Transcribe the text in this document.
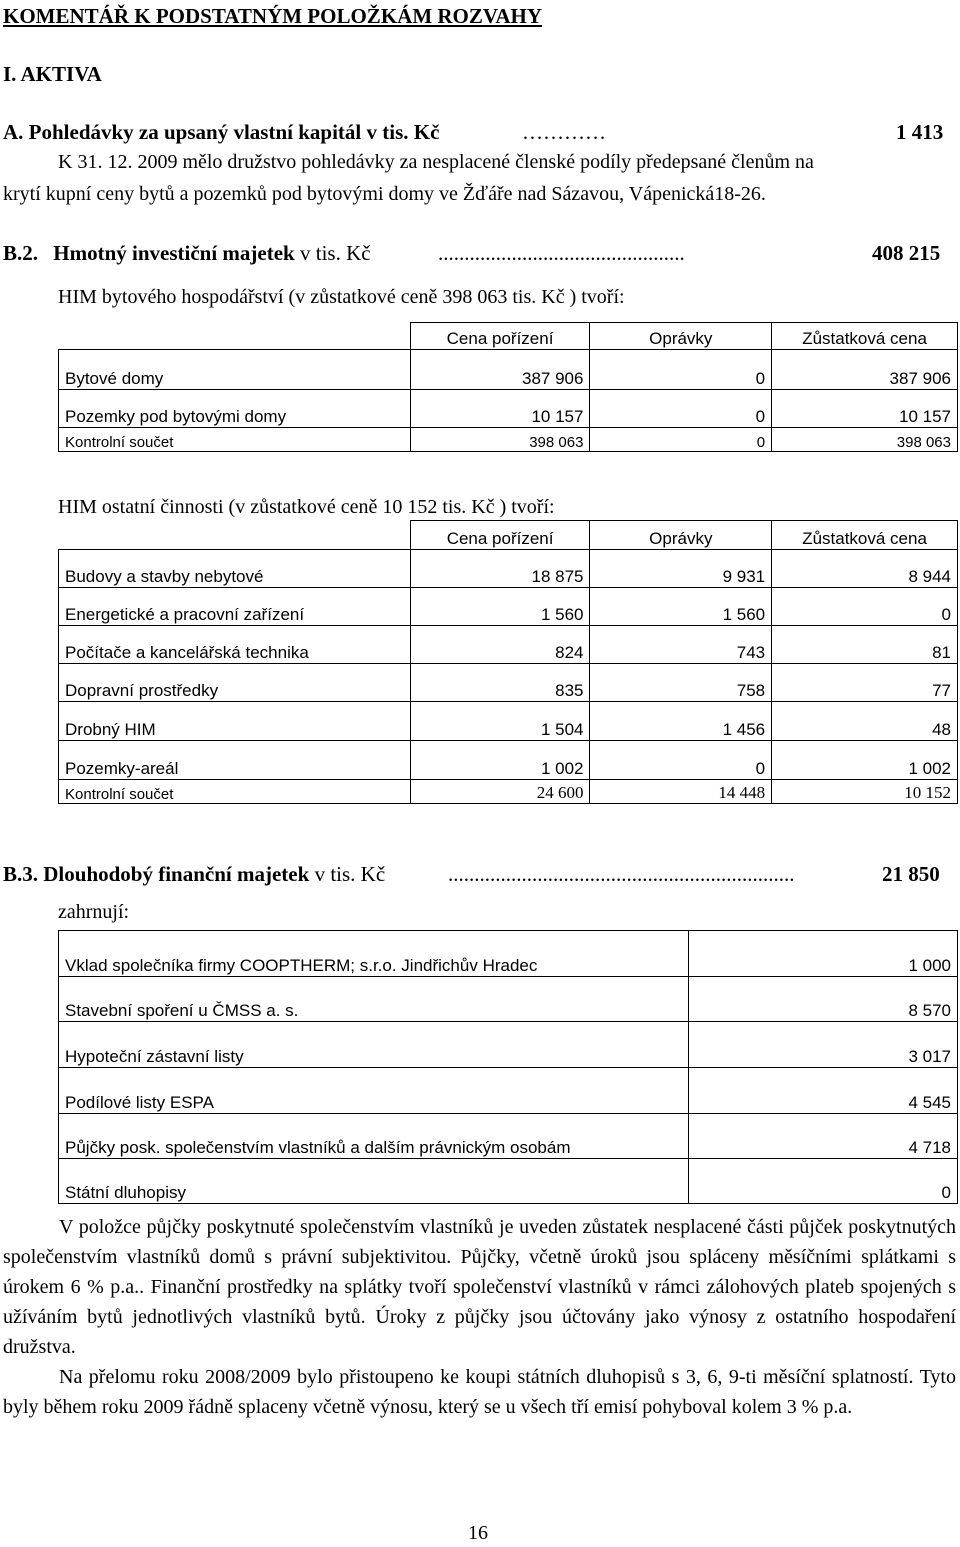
KOMENTÁŘ K PODSTATNÝM POLOŽKÁM ROZVAHY
I. AKTIVA
A. Pohledávky za upsaný vlastní kapitál v tis. Kč	…………	1 413
K 31. 12. 2009 mělo družstvo pohledávky za nesplacené členské podíly předepsané členům na
krytí kupní ceny bytů a pozemků pod bytovými domy ve Žďáře nad Sázavou, Vápenická18-26.
B.2. Hmotný investiční majetek v tis. Kč	...............................................	408 215
HIM bytového hospodářství (v zůstatkové ceně 398 063 tis. Kč ) tvoří:
	Cena pořízení	Oprávky	Zůstatková cena
Bytové domy	387 906	0	387 906
Pozemky pod bytovými domy	10 157	0	10 157
Kontrolní součet	398 063	0	398 063
HIM ostatní činnosti (v zůstatkové ceně 10 152 tis. Kč ) tvoří:
	Cena pořízení	Oprávky	Zůstatková cena
Budovy a stavby nebytové	18 875	9 931	8 944
Energetické a pracovní zařízení	1 560	1 560	0
Počítače a kancelářská technika	824	743	81
Dopravní prostředky	835	758	77
Drobný HIM	1 504	1 456	48
Pozemky-areál	1 002	0	1 002
Kontrolní součet	24 600	14 448	10 152
B.3. Dlouhodobý finanční majetek v tis. Kč	..................................................................	21 850
zahrnují:
Vklad společníka firmy COOPTHERM; s.r.o. Jindřichův Hradec	1 000
Stavební spoření u ČMSS a. s.	8 570
Hypoteční zástavní listy	3 017
Podílové listy ESPA	4 545
Půjčky posk. společenstvím vlastníků a dalším právnickým osobám	4 718
Státní dluhopisy	0

V položce půjčky poskytnuté společenstvím vlastníků je uveden zůstatek nesplacené části půjček poskytnutých společenstvím vlastníků domů s právní subjektivitou. Půjčky, včetně úroků jsou spláceny měsíčními splátkami s úrokem 6 % p.a.. Finanční prostředky na splátky tvoří společenství vlastníků v rámci zálohových plateb spojených s užíváním bytů jednotlivých vlastníků bytů. Úroky z půjčky jsou účtovány jako výnosy z ostatního hospodaření družstva.

Na přelomu roku 2008/2009 bylo přistoupeno ke koupi státních dluhopisů s 3, 6, 9-ti měsíční splatností. Tyto byly během roku 2009 řádně splaceny včetně výnosu, který se u všech tří emisí pohyboval kolem 3 % p.a.

16
